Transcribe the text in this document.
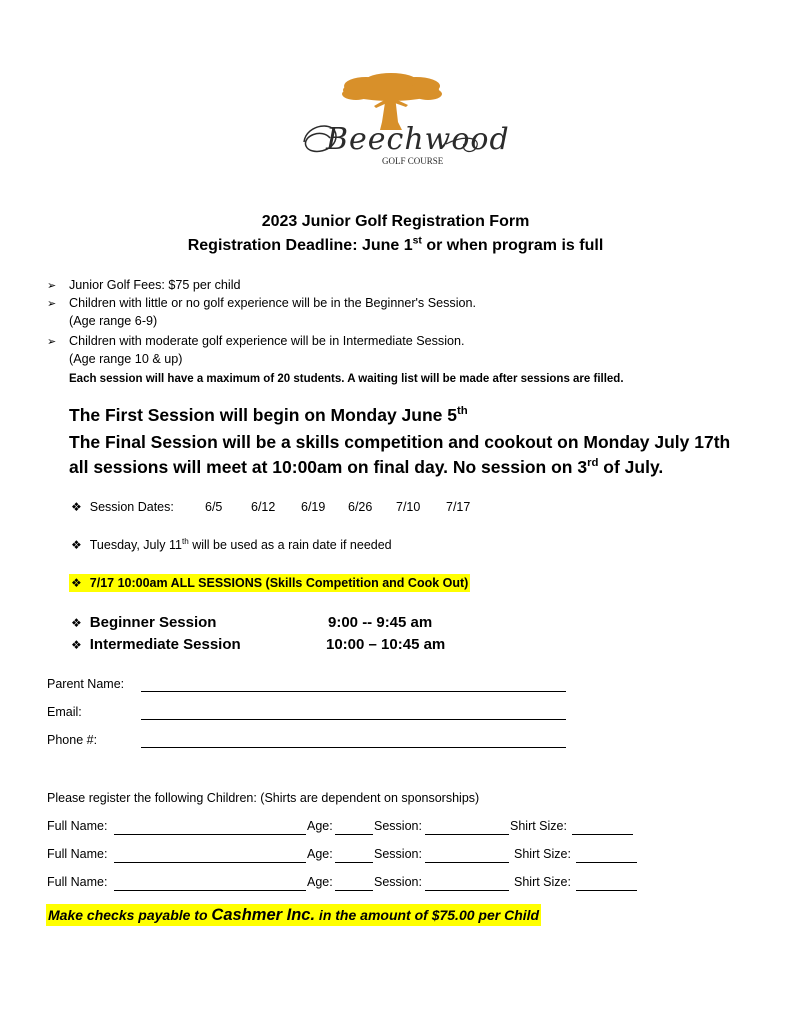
Beechwood
GOLF COURSE
2023 Junior Golf Registration Form
Registration Deadline: June 1st or when program is full
➢ Junior Golf Fees: $75 per child
➢ Children with little or no golf experience will be in the Beginner's Session.
(Age range 6-9)
➢ Children with moderate golf experience will be in Intermediate Session.
(Age range 10 & up)
Each session will have a maximum of 20 students. A waiting list will be made after sessions are filled.
The First Session will begin on Monday June 5th
The Final Session will be a skills competition and cookout on Monday July 17th
all sessions will meet at 10:00am on final day. No session on 3rd of July.
❖ Session Dates: 6/5 6/12 6/19 6/26 7/10 7/17
❖ Tuesday, July 11th will be used as a rain date if needed
❖ 7/17 10:00am ALL SESSIONS (Skills Competition and Cook Out)
❖ Beginner Session	9:00 -- 9:45 am
❖ Intermediate Session	10:00 – 10:45 am
Parent Name:
Email:
Phone #:
Please register the following Children: (Shirts are dependent on sponsorships)
Full Name:	Age:	Session:	Shirt Size:
Full Name:	Age:	Session:	Shirt Size:
Full Name:	Age:	Session:	Shirt Size:
Make checks payable to Cashmer Inc. in the amount of $75.00 per Child
